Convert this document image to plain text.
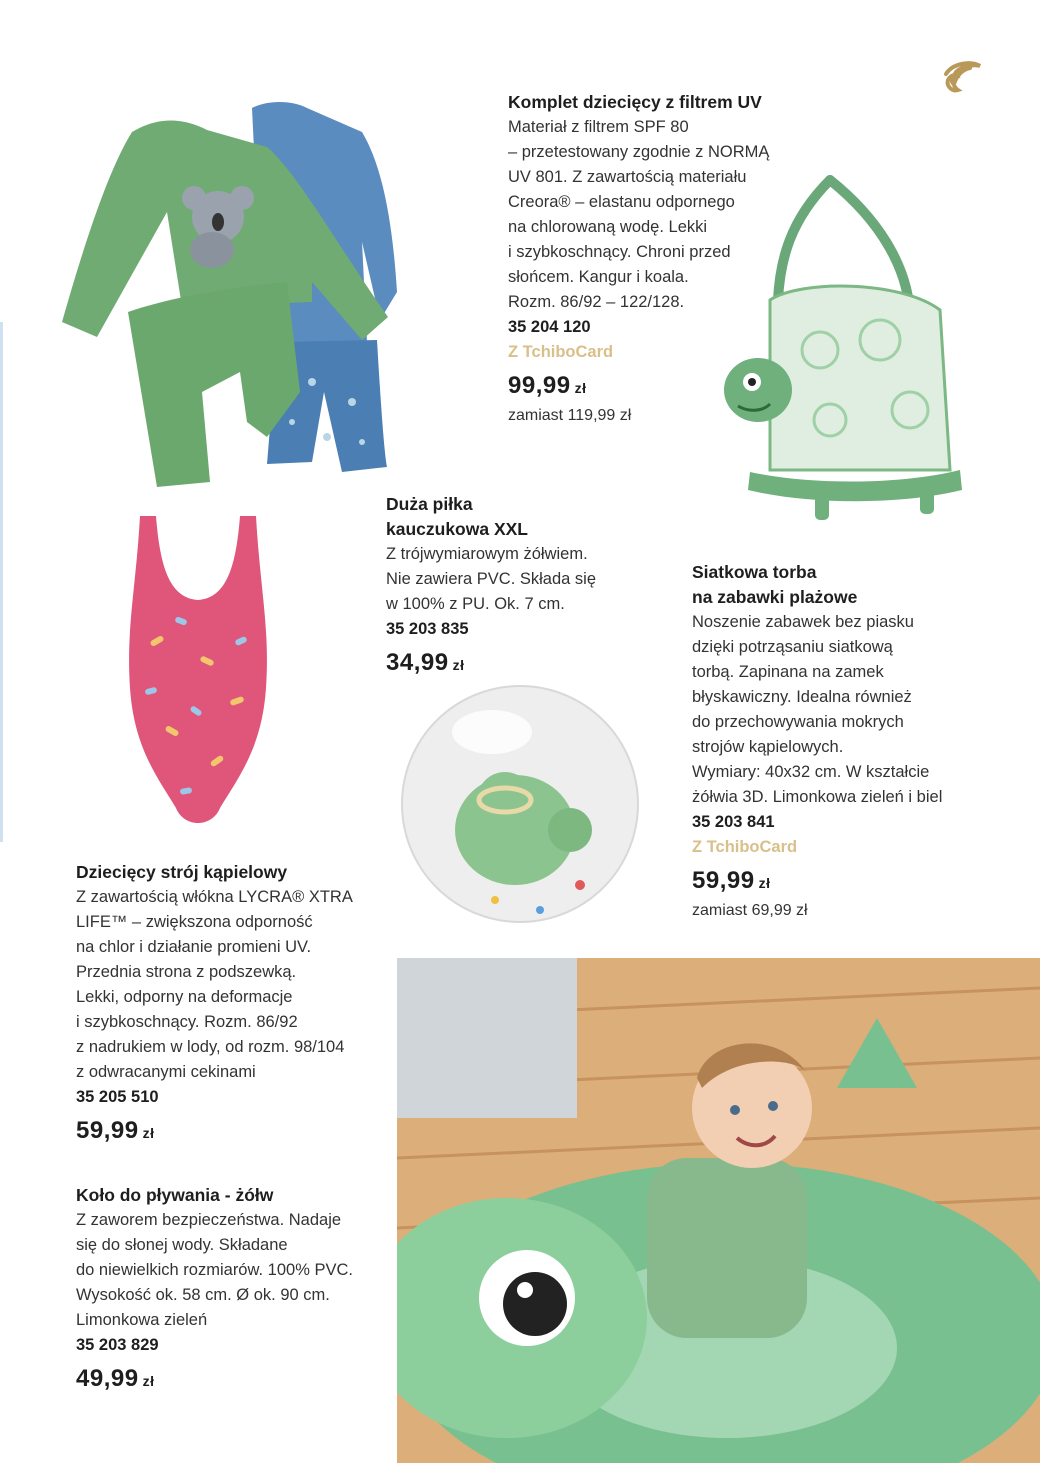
Komplet dziecięcy z filtrem UV
Materiał z filtrem SPF 80
– przetestowany zgodnie z NORMĄ
UV 801. Z zawartością materiału
Creora® – elastanu odpornego
na chlorowaną wodę. Lekki
i szybkoschnący. Chroni przed
słońcem. Kangur i koala.
Rozm. 86/92 – 122/128.
35 204 120
Z TchiboCard
99,99 zł
zamiast 119,99 zł
Duża piłka
kauczukowa XXL
Z trójwymiarowym żółwiem.
Nie zawiera PVC. Składa się
w 100% z PU. Ok. 7 cm.
35 203 835
34,99 zł
Siatkowa torba
na zabawki plażowe
Noszenie zabawek bez piasku
dzięki potrząsaniu siatkową
torbą. Zapinana na zamek
błyskawiczny. Idealna również
do przechowywania mokrych
strojów kąpielowych.
Wymiary: 40x32 cm. W kształcie
żółwia 3D. Limonkowa zieleń i biel
35 203 841
Z TchiboCard
59,99 zł
zamiast 69,99 zł
Dziecięcy strój kąpielowy
Z zawartością włókna LYCRA® XTRA
LIFE™ – zwiększona odporność
na chlor i działanie promieni UV.
Przednia strona z podszewką.
Lekki, odporny na deformacje
i szybkoschnący. Rozm. 86/92
z nadrukiem w lody, od rozm. 98/104
z odwracanymi cekinami
35 205 510
59,99 zł
Koło do pływania - żółw
Z zaworem bezpieczeństwa. Nadaje
się do słonej wody. Składane
do niewielkich rozmiarów. 100% PVC.
Wysokość ok. 58 cm. Ø ok. 90 cm.
Limonkowa zieleń
35 203 829
49,99 zł
